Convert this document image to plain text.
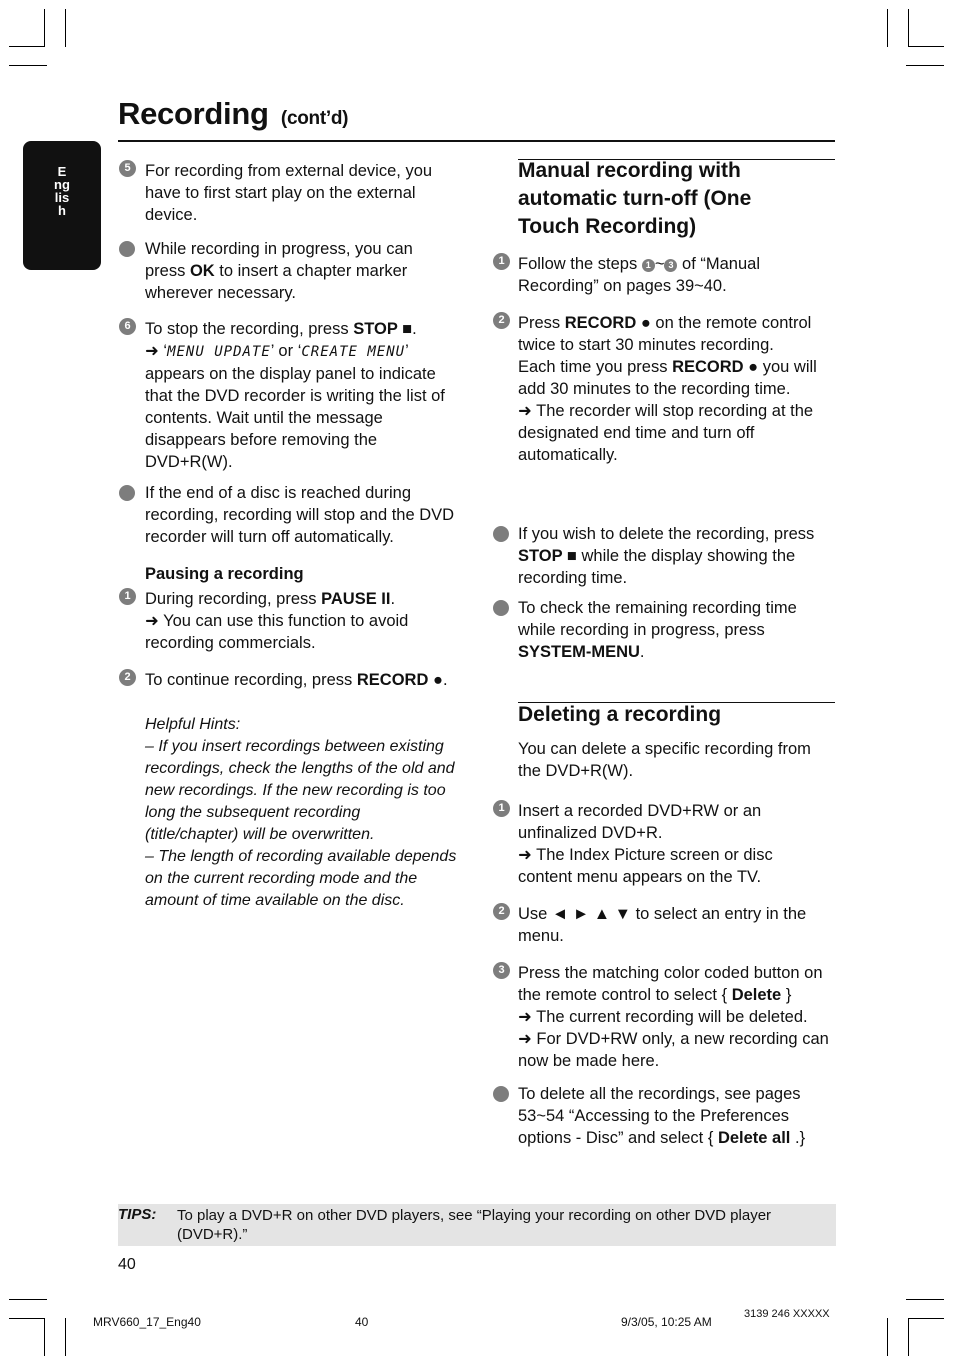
Recording (cont’d)
English
5 For recording from external device, you have to first start play on the external device.
While recording in progress, you can press OK to insert a chapter marker wherever necessary.
6 To stop the recording, press STOP ■.
➜ ‘MENU UPDATE’ or ‘CREATE MENU’
appears on the display panel to indicate that the DVD recorder is writing the list of contents. Wait until the message disappears before removing the DVD+R(W).
If the end of a disc is reached during recording, recording will stop and the DVD recorder will turn off automatically.
Pausing a recording
1 During recording, press PAUSE II.
➜ You can use this function to avoid recording commercials.
2 To continue recording, press RECORD ●.
Helpful Hints:
– If you insert recordings between existing recordings, check the lengths of the old and new recordings. If the new recording is too long the subsequent recording (title/chapter) will be overwritten.
– The length of recording available depends on the current recording mode and the amount of time available on the disc.
Manual recording with automatic turn-off (One Touch Recording)
1 Follow the steps 1 ~ 3 of “Manual Recording” on pages 39~40.
2 Press RECORD ● on the remote control twice to start 30 minutes recording.
Each time you press RECORD ● you will add 30 minutes to the recording time.
➜ The recorder will stop recording at the designated end time and turn off automatically.
If you wish to delete the recording, press STOP ■ while the display showing the recording time.
To check the remaining recording time while recording in progress, press SYSTEM-MENU.
Deleting a recording
You can delete a specific recording from the DVD+R(W).
1 Insert a recorded DVD+RW or an unfinalized DVD+R.
➜ The Index Picture screen or disc content menu appears on the TV.
2 Use ◄ ► ▲ ▼ to select an entry in the menu.
3 Press the matching color coded button on the remote control to select { Delete }
➜ The current recording will be deleted.
➜ For DVD+RW only, a new recording can now be made here.
To delete all the recordings, see pages 53~54 “Accessing to the Preferences options - Disc” and select { Delete all .}
TIPS: To play a DVD+R on other DVD players, see “Playing your recording on other DVD player (DVD+R).”
40
MRV660_17_Eng40	40	9/3/05, 10:25 AM
3139 246 XXXXX
